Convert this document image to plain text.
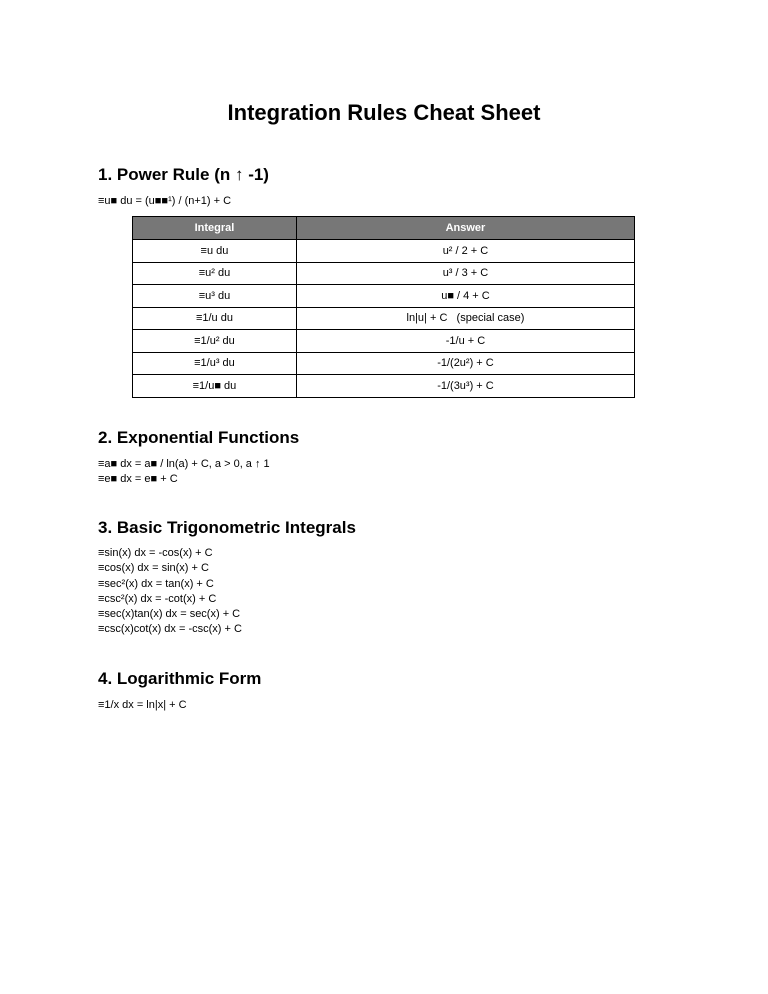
Integration Rules Cheat Sheet
1. Power Rule (n ↑ -1)
≡u■ du = (u■■¹) / (n+1) + C
Integral	Answer
≡u du	u² / 2 + C
≡u² du	u³ / 3 + C
≡u³ du	u■ / 4 + C
≡1/u du	ln|u| + C   (special case)
≡1/u² du	-1/u + C
≡1/u³ du	-1/(2u²) + C
≡1/u■ du	-1/(3u³) + C
2. Exponential Functions
≡a■ dx = a■ / ln(a) + C, a > 0, a ↑ 1
≡e■ dx = e■ + C
3. Basic Trigonometric Integrals
≡sin(x) dx = -cos(x) + C
≡cos(x) dx = sin(x) + C
≡sec²(x) dx = tan(x) + C
≡csc²(x) dx = -cot(x) + C
≡sec(x)tan(x) dx = sec(x) + C
≡csc(x)cot(x) dx = -csc(x) + C
4. Logarithmic Form
≡1/x dx = ln|x| + C
